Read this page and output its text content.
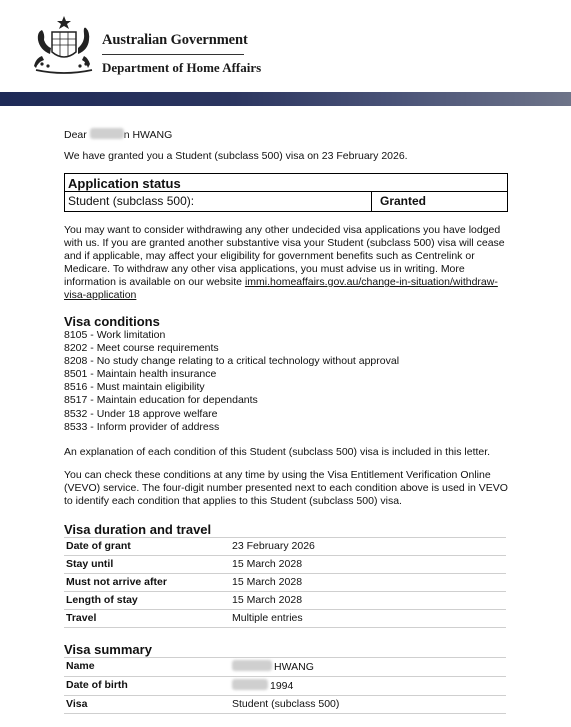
Australian Government
Department of Home Affairs

Dear	n HWANG

We have granted you a Student (subclass 500) visa on 23 February 2026.

Application status
Student (subclass 500):	Granted

You may want to consider withdrawing any other undecided visa applications you have lodged with us. If you are granted another substantive visa your Student (subclass 500) visa will cease and if applicable, may affect your eligibility for government benefits such as Centrelink or Medicare. To withdraw any other visa applications, you must advise us in writing. More information is available on our website immi.homeaffairs.gov.au/change-in-situation/withdraw-visa-application

Visa conditions
8105 - Work limitation
8202 - Meet course requirements
8208 - No study change relating to a critical technology without approval
8501 - Maintain health insurance
8516 - Must maintain eligibility
8517 - Maintain education for dependants
8532 - Under 18 approve welfare
8533 - Inform provider of address

An explanation of each condition of this Student (subclass 500) visa is included in this letter.

You can check these conditions at any time by using the Visa Entitlement Verification Online (VEVO) service. The four-digit number presented next to each condition above is used in VEVO to identify each condition that applies to this Student (subclass 500) visa.

Visa duration and travel
Date of grant	23 February 2026
Stay until	15 March 2028
Must not arrive after	15 March 2028
Length of stay	15 March 2028
Travel	Multiple entries
Visa summary
Name	HWANG
Date of birth	1994
Visa	Student (subclass 500)
